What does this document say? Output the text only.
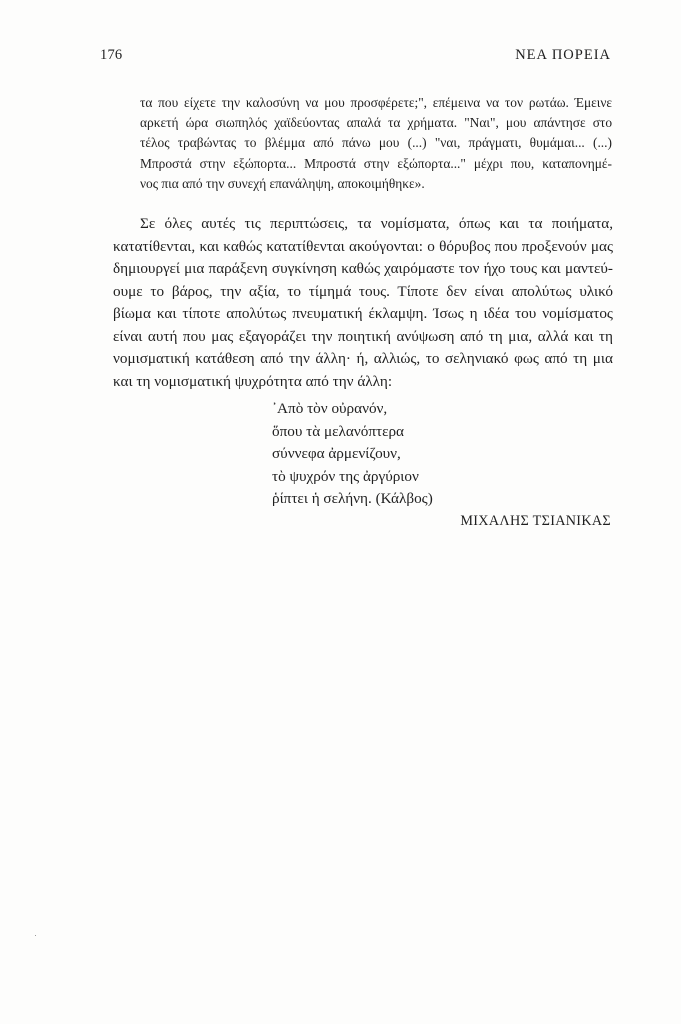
176	ΝΕΑ ΠΟΡΕΙΑ
τα που είχετε την καλοσύνη να μου προσφέρετε;", επέμεινα να τον ρωτάω. Έμεινε
αρκετή ώρα σιωπηλός χαϊδεύοντας απαλά τα χρήματα. "Ναι", μου απάντησε στο
τέλος τραβώντας το βλέμμα από πάνω μου (...) "ναι, πράγματι, θυμάμαι... (...)
Μπροστά στην εξώπορτα... Μπροστά στην εξώπορτα..." μέχρι που, καταπονημέ-
νος πια από την συνεχή επανάληψη, αποκοιμήθηκε».
Σε όλες αυτές τις περιπτώσεις, τα νομίσματα, όπως και τα ποιήματα,
κατατίθενται, και καθώς κατατίθενται ακούγονται: ο θόρυβος που προξενούν μας
δημιουργεί μια παράξενη συγκίνηση καθώς χαιρόμαστε τον ήχο τους και μαντεύ-
ουμε το βάρος, την αξία, το τίμημά τους. Τίποτε δεν είναι απολύτως υλικό
βίωμα και τίποτε απολύτως πνευματική έκλαμψη. Ίσως η ιδέα του νομίσματος
είναι αυτή που μας εξαγοράζει την ποιητική ανύψωση από τη μια, αλλά και τη
νομισματική κατάθεση από την άλλη· ή, αλλιώς, το σεληνιακό φως από τη μια
και τη νομισματική ψυχρότητα από την άλλη:
᾿Απὸ τὸν οὐρανόν,
ὅπου τὰ μελανόπτερα
σύννεφα ἀρμενίζουν,
τὸ ψυχρόν της ἀργύριον
ῥίπτει ἡ σελήνη. (Κάλβος)
ΜΙΧΑΛΗΣ ΤΣΙΑΝΙΚΑΣ
